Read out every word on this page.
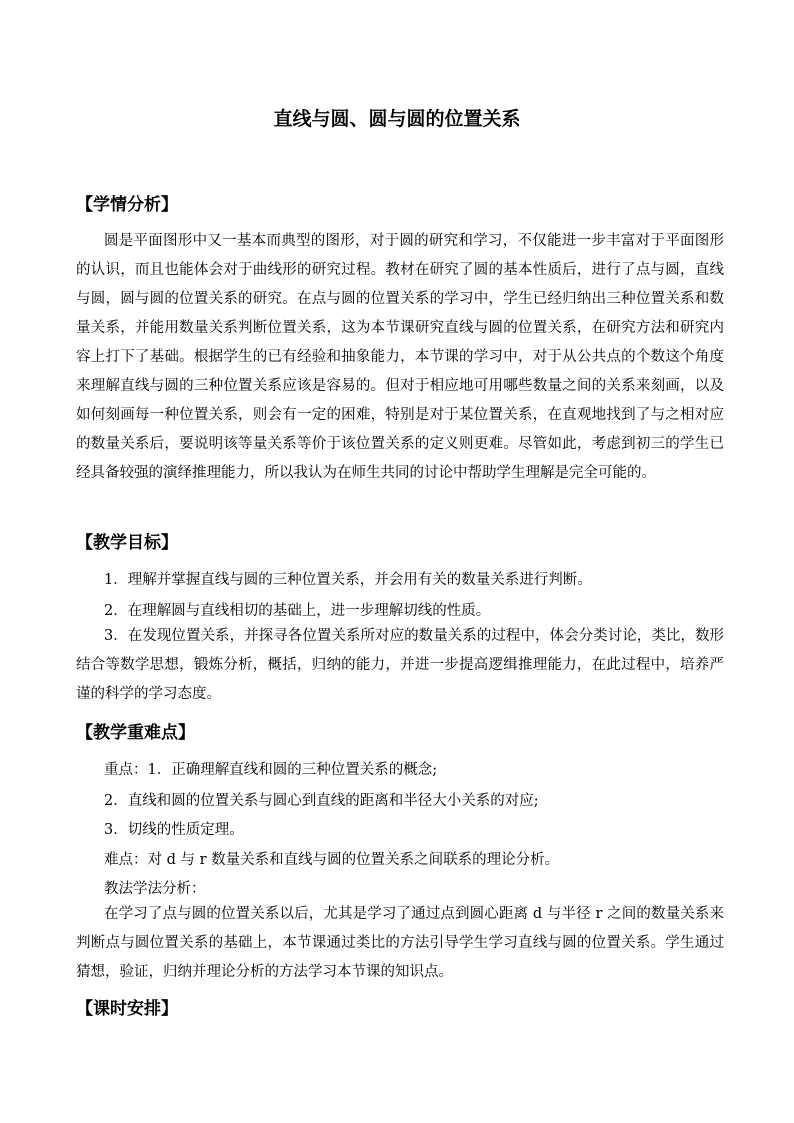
直线与圆、圆与圆的位置关系
【学情分析】
圆是平面图形中又一基本而典型的图形，对于圆的研究和学习，不仅能进一步丰富对于平面图形的认识，而且也能体会对于曲线形的研究过程。教材在研究了圆的基本性质后，进行了点与圆，直线与圆，圆与圆的位置关系的研究。在点与圆的位置关系的学习中，学生已经归纳出三种位置关系和数量关系，并能用数量关系判断位置关系，这为本节课研究直线与圆的位置关系，在研究方法和研究内容上打下了基础。根据学生的已有经验和抽象能力，本节课的学习中，对于从公共点的个数这个角度来理解直线与圆的三种位置关系应该是容易的。但对于相应地可用哪些数量之间的关系来刻画，以及如何刻画每一种位置关系，则会有一定的困难，特别是对于某位置关系，在直观地找到了与之相对应的数量关系后，要说明该等量关系等价于该位置关系的定义则更难。尽管如此，考虑到初三的学生已经具备较强的演绎推理能力，所以我认为在师生共同的讨论中帮助学生理解是完全可能的。
【教学目标】
1．理解并掌握直线与圆的三种位置关系，并会用有关的数量关系进行判断。
2．在理解圆与直线相切的基础上，进一步理解切线的性质。
3．在发现位置关系，并探寻各位置关系所对应的数量关系的过程中，体会分类讨论，类比，数形结合等数学思想，锻炼分析，概括，归纳的能力，并进一步提高逻缉推理能力，在此过程中，培养严谨的科学的学习态度。
【教学重难点】
重点：1．正确理解直线和圆的三种位置关系的概念;
2．直线和圆的位置关系与圆心到直线的距离和半径大小关系的对应;
3．切线的性质定理。
难点：对 d 与 r 数量关系和直线与圆的位置关系之间联系的理论分析。
教法学法分析：
在学习了点与圆的位置关系以后，尤其是学习了通过点到圆心距离 d 与半径 r 之间的数量关系来判断点与圆位置关系的基础上，本节课通过类比的方法引导学生学习直线与圆的位置关系。学生通过猜想，验证，归纳并理论分析的方法学习本节课的知识点。
【课时安排】
